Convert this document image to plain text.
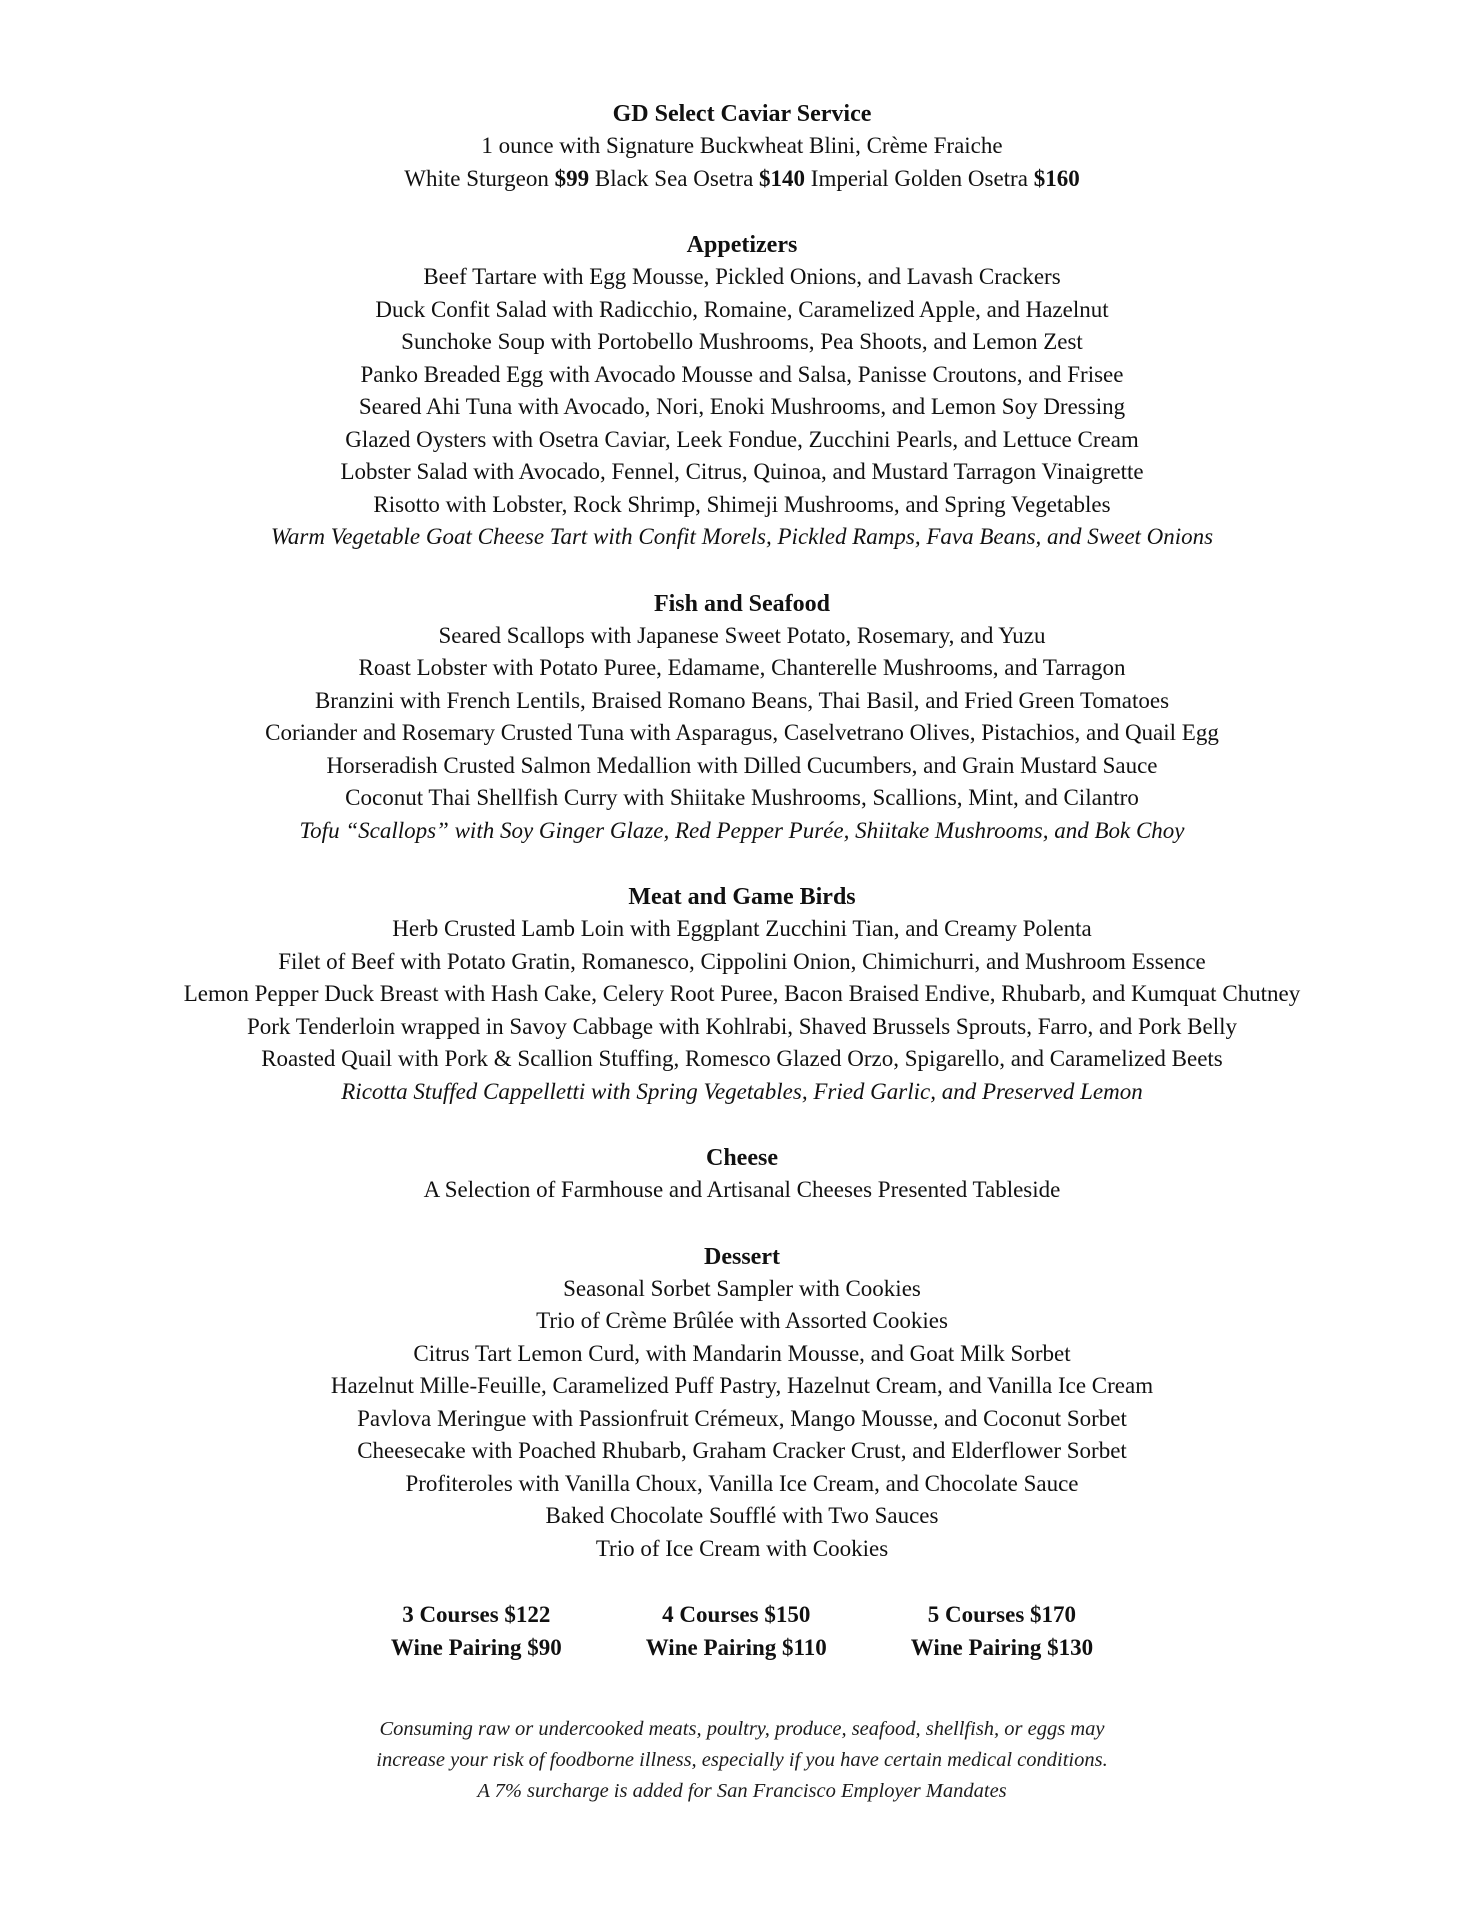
GD Select Caviar Service
1 ounce with Signature Buckwheat Blini, Crème Fraiche
White Sturgeon $99 Black Sea Osetra $140 Imperial Golden Osetra $160
Appetizers
Beef Tartare with Egg Mousse, Pickled Onions, and Lavash Crackers
Duck Confit Salad with Radicchio, Romaine, Caramelized Apple, and Hazelnut
Sunchoke Soup with Portobello Mushrooms, Pea Shoots, and Lemon Zest
Panko Breaded Egg with Avocado Mousse and Salsa, Panisse Croutons, and Frisee
Seared Ahi Tuna with Avocado, Nori, Enoki Mushrooms, and Lemon Soy Dressing
Glazed Oysters with Osetra Caviar, Leek Fondue, Zucchini Pearls, and Lettuce Cream
Lobster Salad with Avocado, Fennel, Citrus, Quinoa, and Mustard Tarragon Vinaigrette
Risotto with Lobster, Rock Shrimp, Shimeji Mushrooms, and Spring Vegetables
Warm Vegetable Goat Cheese Tart with Confit Morels, Pickled Ramps, Fava Beans, and Sweet Onions
Fish and Seafood
Seared Scallops with Japanese Sweet Potato, Rosemary, and Yuzu
Roast Lobster with Potato Puree, Edamame, Chanterelle Mushrooms, and Tarragon
Branzini with French Lentils, Braised Romano Beans, Thai Basil, and Fried Green Tomatoes
Coriander and Rosemary Crusted Tuna with Asparagus, Caselvetrano Olives, Pistachios, and Quail Egg
Horseradish Crusted Salmon Medallion with Dilled Cucumbers, and Grain Mustard Sauce
Coconut Thai Shellfish Curry with Shiitake Mushrooms, Scallions, Mint, and Cilantro
Tofu “Scallops” with Soy Ginger Glaze, Red Pepper Purée, Shiitake Mushrooms, and Bok Choy
Meat and Game Birds
Herb Crusted Lamb Loin with Eggplant Zucchini Tian, and Creamy Polenta
Filet of Beef with Potato Gratin, Romanesco, Cippolini Onion, Chimichurri, and Mushroom Essence
Lemon Pepper Duck Breast with Hash Cake, Celery Root Puree, Bacon Braised Endive, Rhubarb, and Kumquat Chutney
Pork Tenderloin wrapped in Savoy Cabbage with Kohlrabi, Shaved Brussels Sprouts, Farro, and Pork Belly
Roasted Quail with Pork & Scallion Stuffing, Romesco Glazed Orzo, Spigarello, and Caramelized Beets
Ricotta Stuffed Cappelletti with Spring Vegetables, Fried Garlic, and Preserved Lemon
Cheese
A Selection of Farmhouse and Artisanal Cheeses Presented Tableside
Dessert
Seasonal Sorbet Sampler with Cookies
Trio of Crème Brûlée with Assorted Cookies
Citrus Tart Lemon Curd, with Mandarin Mousse, and Goat Milk Sorbet
Hazelnut Mille-Feuille, Caramelized Puff Pastry, Hazelnut Cream, and Vanilla Ice Cream
Pavlova Meringue with Passionfruit Crémeux, Mango Mousse, and Coconut Sorbet
Cheesecake with Poached Rhubarb, Graham Cracker Crust, and Elderflower Sorbet
Profiteroles with Vanilla Choux, Vanilla Ice Cream, and Chocolate Sauce
Baked Chocolate Soufflé with Two Sauces
Trio of Ice Cream with Cookies
3 Courses $122
Wine Pairing $90
4 Courses $150
Wine Pairing $110
5 Courses $170
Wine Pairing $130
Consuming raw or undercooked meats, poultry, produce, seafood, shellfish, or eggs may
increase your risk of foodborne illness, especially if you have certain medical conditions.
A 7% surcharge is added for San Francisco Employer Mandates
